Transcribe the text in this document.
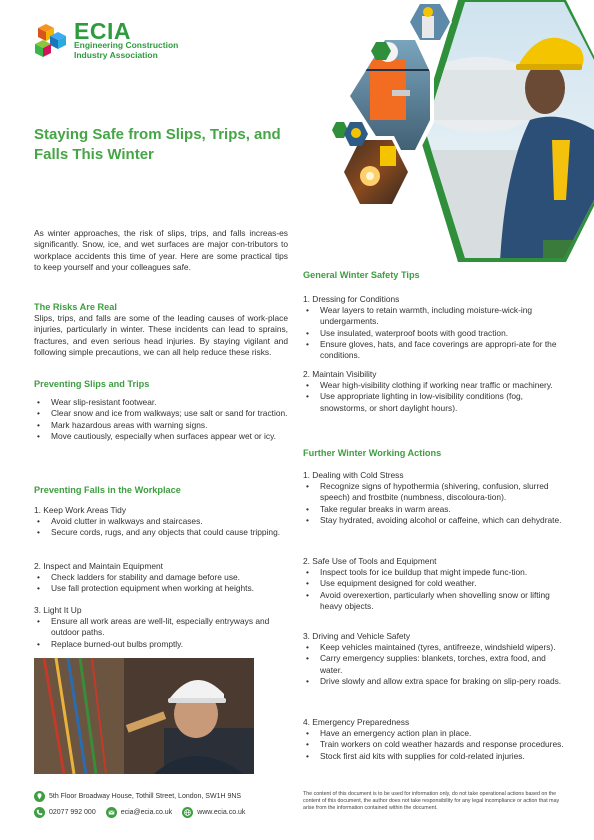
ECIA
Engineering Construction
Industry Association
Staying Safe from Slips, Trips, and Falls This Winter
As winter approaches, the risk of slips, trips, and falls increas-es significantly. Snow, ice, and wet surfaces are major con-tributors to workplace accidents this time of year. Here are some practical tips to keep yourself and your colleagues safe.
The Risks Are Real
Slips, trips, and falls are some of the leading causes of work-place injuries, particularly in winter. These incidents can lead to sprains, fractures, and even serious head injuries. By staying vigilant and following simple precautions, we can all help reduce these risks.
Preventing Slips and Trips
• Wear slip-resistant footwear.
• Clear snow and ice from walkways; use salt or sand for traction.
• Mark hazardous areas with warning signs.
• Move cautiously, especially when surfaces appear wet or icy.
Preventing Falls in the Workplace
1. Keep Work Areas Tidy
• Avoid clutter in walkways and staircases.
• Secure cords, rugs, and any objects that could cause tripping.
2. Inspect and Maintain Equipment
• Check ladders for stability and damage before use.
• Use fall protection equipment when working at heights.
3. Light It Up
• Ensure all work areas are well-lit, especially entryways and outdoor paths.
• Replace burned-out bulbs promptly.
General Winter Safety Tips
1. Dressing for Conditions
• Wear layers to retain warmth, including moisture-wick-ing undergarments.
• Use insulated, waterproof boots with good traction.
• Ensure gloves, hats, and face coverings are appropri-ate for the conditions.
2. Maintain Visibility
• Wear high-visibility clothing if working near traffic or machinery.
• Use appropriate lighting in low-visibility conditions (fog, snowstorms, or short daylight hours).
Further Winter Working Actions
1. Dealing with Cold Stress
• Recognize signs of hypothermia (shivering, confusion, slurred speech) and frostbite (numbness, discoloura-tion).
• Take regular breaks in warm areas.
• Stay hydrated, avoiding alcohol or caffeine, which can dehydrate.
2. Safe Use of Tools and Equipment
• Inspect tools for ice buildup that might impede func-tion.
• Use equipment designed for cold weather.
• Avoid overexertion, particularly when shovelling snow or lifting heavy objects.
3. Driving and Vehicle Safety
• Keep vehicles maintained (tyres, antifreeze, windshield wipers).
• Carry emergency supplies: blankets, torches, extra food, and water.
• Drive slowly and allow extra space for braking on slip-pery roads.
4. Emergency Preparedness
• Have an emergency action plan in place.
• Train workers on cold weather hazards and response procedures.
• Stock first aid kits with supplies for cold-related injuries.
5th Floor Broadway House, Tothill Street, London, SW1H 9NS
02077 992 000	ecia@ecia.co.uk	www.ecia.co.uk
The content of this document is to be used for information only, do not take operational actions based on the content of this document, the author does not take responsibility for any legal incompliance or action that may arise from the information contained within the document.
